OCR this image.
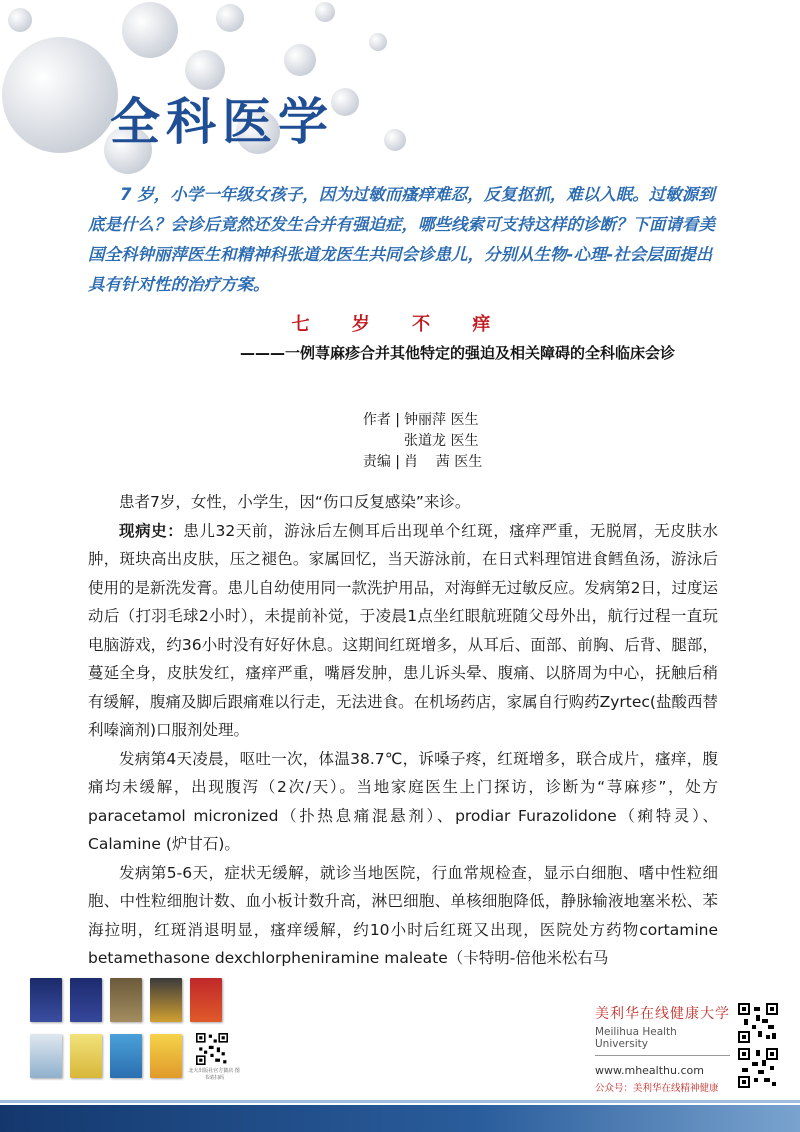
全科医学

7 岁，小学一年级女孩子，因为过敏而瘙痒难忍，反复抠抓，难以入眠。过敏源到底是什么？会诊后竟然还发生合并有强迫症，哪些线索可支持这样的诊断？下面请看美国全科钟丽萍医生和精神科张道龙医生共同会诊患儿，分别从生物-心理-社会层面提出具有针对性的治疗方案。

七 岁 不 痒
———一例荨麻疹合并其他特定的强迫及相关障碍的全科临床会诊
作者 | 钟丽萍 医生
张道龙 医生
责编 | 肖    茜 医生

患者7岁，女性，小学生，因“伤口反复感染”来诊。

现病史：患儿32天前，游泳后左侧耳后出现单个红斑，瘙痒严重，无脱屑，无皮肤水肿，斑块高出皮肤，压之褪色。家属回忆，当天游泳前，在日式料理馆进食鳕鱼汤，游泳后使用的是新洗发膏。患儿自幼使用同一款洗护用品，对海鲜无过敏反应。发病第2日，过度运动后（打羽毛球2小时），未提前补觉，于凌晨1点坐红眼航班随父母外出，航行过程一直玩电脑游戏，约36小时没有好好休息。这期间红斑增多，从耳后、面部、前胸、后背、腿部，蔓延全身，皮肤发红，瘙痒严重，嘴唇发肿，患儿诉头晕、腹痛、以脐周为中心，抚触后稍有缓解，腹痛及脚后跟痛难以行走，无法进食。在机场药店，家属自行购药Zyrtec(盐酸西替利嗪滴剂)口服剂处理。

发病第4天凌晨，呕吐一次，体温38.7℃，诉嗓子疼，红斑增多，联合成片，瘙痒，腹痛均未缓解，出现腹泻（2次/天）。当地家庭医生上门探访，诊断为“荨麻疹”，处方paracetamol micronized（扑热息痛混悬剂）、prodiar Furazolidone（痢特灵）、Calamine (炉甘石)。

发病第5-6天，症状无缓解，就诊当地医院，行血常规检查，显示白细胞、嗜中性粒细胞、中性粒细胞计数、血小板计数升高，淋巴细胞、单核细胞降低，静脉输液地塞米松、苯海拉明，红斑消退明显，瘙痒缓解，约10小时后红斑又出现，医院处方药物cortamine betamethasone dexchlorpheniramine maleate（卡特明-倍他米松右马

北大出版社官方微店 图书请扫码

美利华在线健康大学

Meilihua Health University

www.mhealthu.com

公众号：美利华在线精神健康
